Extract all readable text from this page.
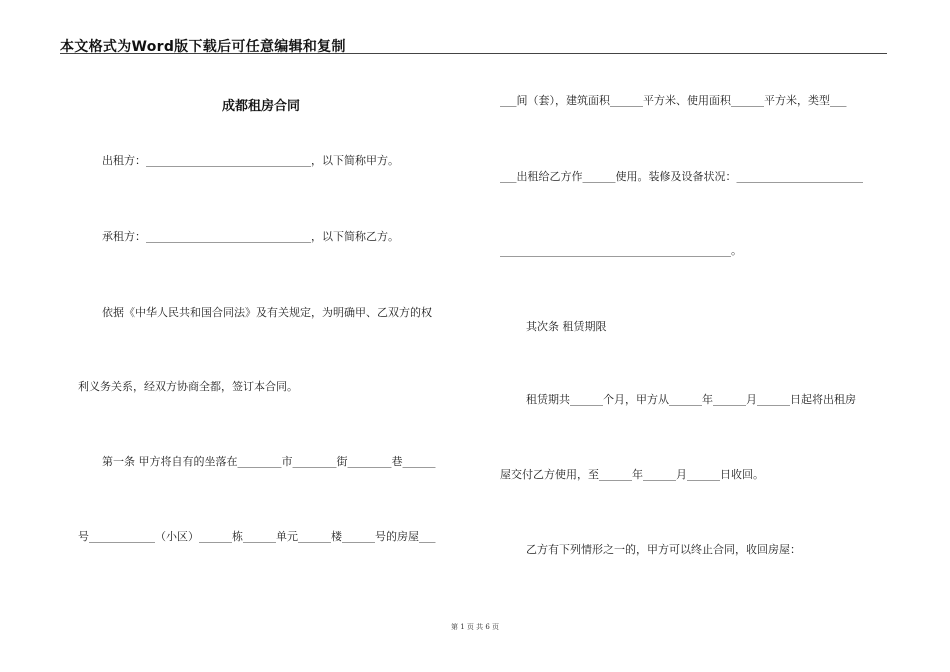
本文格式为Word版下载后可任意编辑和复制
成都租房合同
出租方：______________________________，以下简称甲方。
承租方：______________________________，以下简称乙方。
依据《中华人民共和国合同法》及有关规定，为明确甲、乙双方的权
利义务关系，经双方协商全都，签订本合同。
第一条 甲方将自有的坐落在________市________街________巷______
号____________（小区）______栋______单元______楼______号的房屋___
___间（套），建筑面积______平方米、使用面积______平方米，类型___
___出租给乙方作______使用。装修及设备状况：_______________________
__________________________________________。
其次条 租赁期限
租赁期共______个月，甲方从______年______月______日起将出租房
屋交付乙方使用，至______年______月______日收回。
乙方有下列情形之一的，甲方可以终止合同，收回房屋：
第 1 页 共 6 页
